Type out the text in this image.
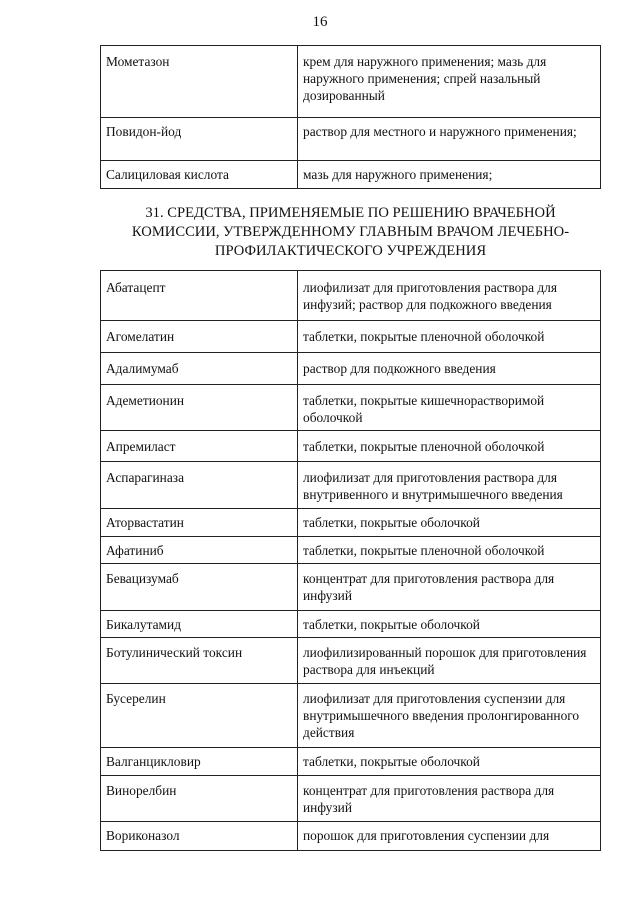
16
Мометазон	крем для наружного применения; мазь для наружного применения; спрей назальный дозированный
Повидон-йод	раствор для местного и наружного применения;
Салициловая кислота	мазь для наружного применения;
31. СРЕДСТВА, ПРИМЕНЯЕМЫЕ ПО РЕШЕНИЮ ВРАЧЕБНОЙ КОМИССИИ, УТВЕРЖДЕННОМУ ГЛАВНЫМ ВРАЧОМ ЛЕЧЕБНО-ПРОФИЛАКТИЧЕСКОГО УЧРЕЖДЕНИЯ
Абатацепт	лиофилизат для приготовления раствора для инфузий; раствор для подкожного введения
Агомелатин	таблетки, покрытые пленочной оболочкой
Адалимумаб	раствор для подкожного введения
Адеметионин	таблетки, покрытые кишечнорастворимой оболочкой
Апремиласт	таблетки, покрытые пленочной оболочкой
Аспарагиназа	лиофилизат для приготовления раствора для внутривенного и внутримышечного введения
Аторвастатин	таблетки, покрытые оболочкой
Афатиниб	таблетки, покрытые пленочной оболочкой
Бевацизумаб	концентрат для приготовления раствора для инфузий
Бикалутамид	таблетки, покрытые оболочкой
Ботулинический токсин	лиофилизированный порошок для приготовления раствора для инъекций
Бусерелин	лиофилизат для приготовления суспензии для внутримышечного введения пролонгированного действия
Валганцикловир	таблетки, покрытые оболочкой
Винорелбин	концентрат для приготовления раствора для инфузий
Вориконазол	порошок для приготовления суспензии для
